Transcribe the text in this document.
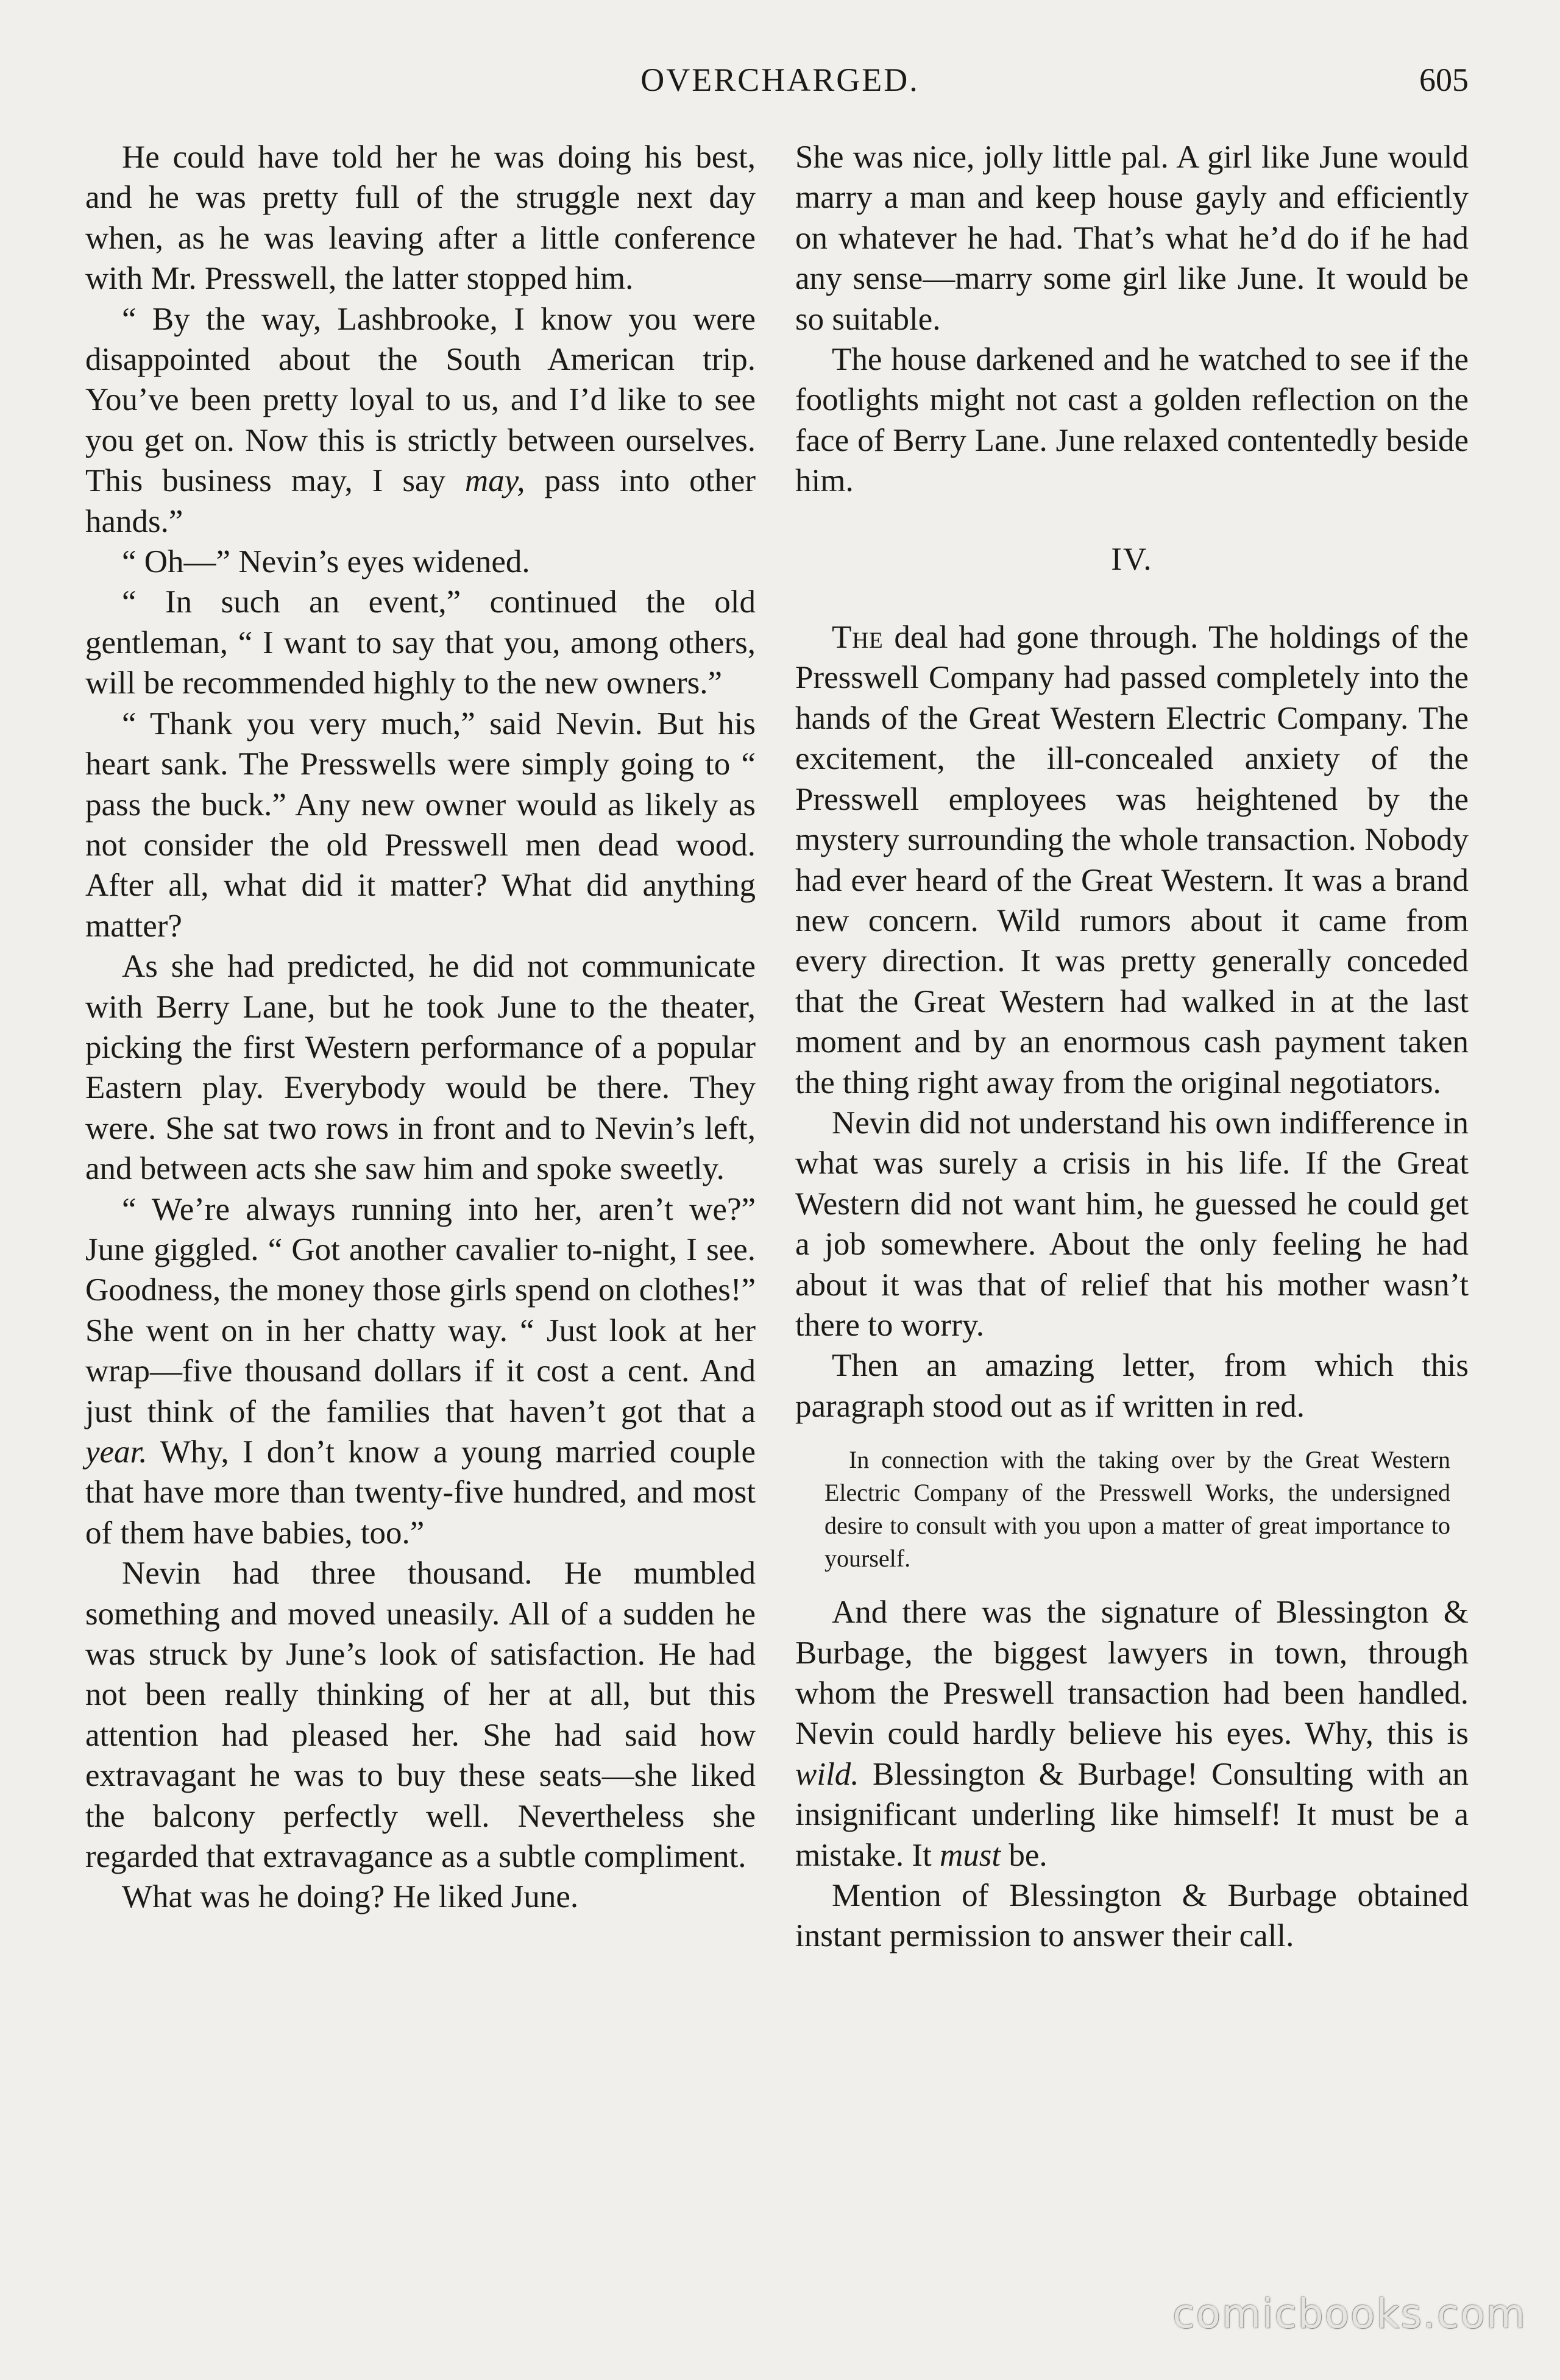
OVERCHARGED.	605

He could have told her he was doing his best, and he was pretty full of the struggle next day when, as he was leaving after a little conference with Mr. Presswell, the latter stopped him.

“ By the way, Lashbrooke, I know you were disappointed about the South American trip. You’ve been pretty loyal to us, and I’d like to see you get on. Now this is strictly between ourselves. This business may, I say may, pass into other hands.”

“ Oh—” Nevin’s eyes widened.

“ In such an event,” continued the old gentleman, “ I want to say that you, among others, will be recommended highly to the new owners.”

“ Thank you very much,” said Nevin. But his heart sank. The Presswells were simply going to “ pass the buck.” Any new owner would as likely as not consider the old Presswell men dead wood. After all, what did it matter? What did anything matter?

As she had predicted, he did not communicate with Berry Lane, but he took June to the theater, picking the first Western performance of a popular Eastern play. Everybody would be there. They were. She sat two rows in front and to Nevin’s left, and between acts she saw him and spoke sweetly.

“ We’re always running into her, aren’t we?” June giggled. “ Got another cavalier to-night, I see. Goodness, the money those girls spend on clothes!” She went on in her chatty way. “ Just look at her wrap—five thousand dollars if it cost a cent. And just think of the families that haven’t got that a year. Why, I don’t know a young married couple that have more than twenty-five hundred, and most of them have babies, too.”

Nevin had three thousand. He mumbled something and moved uneasily. All of a sudden he was struck by June’s look of satisfaction. He had not been really thinking of her at all, but this attention had pleased her. She had said how extravagant he was to buy these seats—she liked the balcony perfectly well. Nevertheless she regarded that extravagance as a subtle compliment.

What was he doing? He liked June.

She was nice, jolly little pal. A girl like June would marry a man and keep house gayly and efficiently on whatever he had. That’s what he’d do if he had any sense—marry some girl like June. It would be so suitable.

The house darkened and he watched to see if the footlights might not cast a golden reflection on the face of Berry Lane. June relaxed contentedly beside him.

IV.

The deal had gone through. The holdings of the Presswell Company had passed completely into the hands of the Great Western Electric Company. The excitement, the ill-concealed anxiety of the Presswell employees was heightened by the mystery surrounding the whole transaction. Nobody had ever heard of the Great Western. It was a brand new concern. Wild rumors about it came from every direction. It was pretty generally conceded that the Great Western had walked in at the last moment and by an enormous cash payment taken the thing right away from the original negotiators.

Nevin did not understand his own indifference in what was surely a crisis in his life. If the Great Western did not want him, he guessed he could get a job somewhere. About the only feeling he had about it was that of relief that his mother wasn’t there to worry.

Then an amazing letter, from which this paragraph stood out as if written in red.

In connection with the taking over by the Great Western Electric Company of the Presswell Works, the undersigned desire to consult with you upon a matter of great importance to yourself.

And there was the signature of Blessington & Burbage, the biggest lawyers in town, through whom the Preswell transaction had been handled. Nevin could hardly believe his eyes. Why, this is wild. Blessington & Burbage! Consulting with an insignificant underling like himself! It must be a mistake. It must be.

Mention of Blessington & Burbage obtained instant permission to answer their call.

comicbooks.com
